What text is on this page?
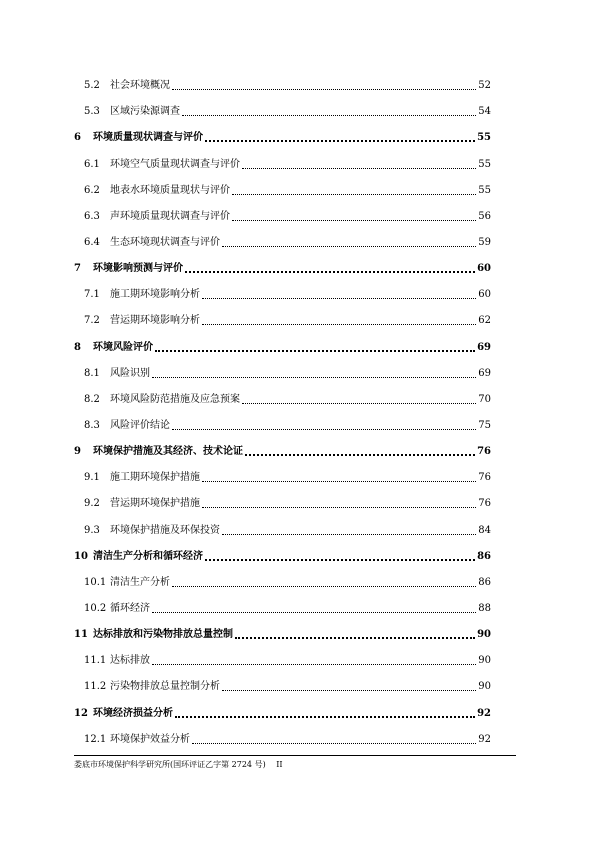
5.2	社会环境概况	52
5.3	区域污染源调查	54
6	环境质量现状调查与评价	55
6.1	环境空气质量现状调查与评价	55
6.2	地表水环境质量现状与评价	55
6.3	声环境质量现状调查与评价	56
6.4	生态环境现状调查与评价	59
7	环境影响预测与评价	60
7.1	施工期环境影响分析	60
7.2	营运期环境影响分析	62
8	环境风险评价	69
8.1	风险识别	69
8.2	环境风险防范措施及应急预案	70
8.3	风险评价结论	75
9	环境保护措施及其经济、技术论证	76
9.1	施工期环境保护措施	76
9.2	营运期环境保护措施	76
9.3	环境保护措施及环保投资	84
10 清洁生产分析和循环经济	86
10.1 清洁生产分析	86
10.2 循环经济	88
11 达标排放和污染物排放总量控制	90
11.1 达标排放	90
11.2 污染物排放总量控制分析	90
12 环境经济损益分析	92
12.1 环境保护效益分析	92
娄底市环境保护科学研究所(国环评证乙字第 2724 号) II
